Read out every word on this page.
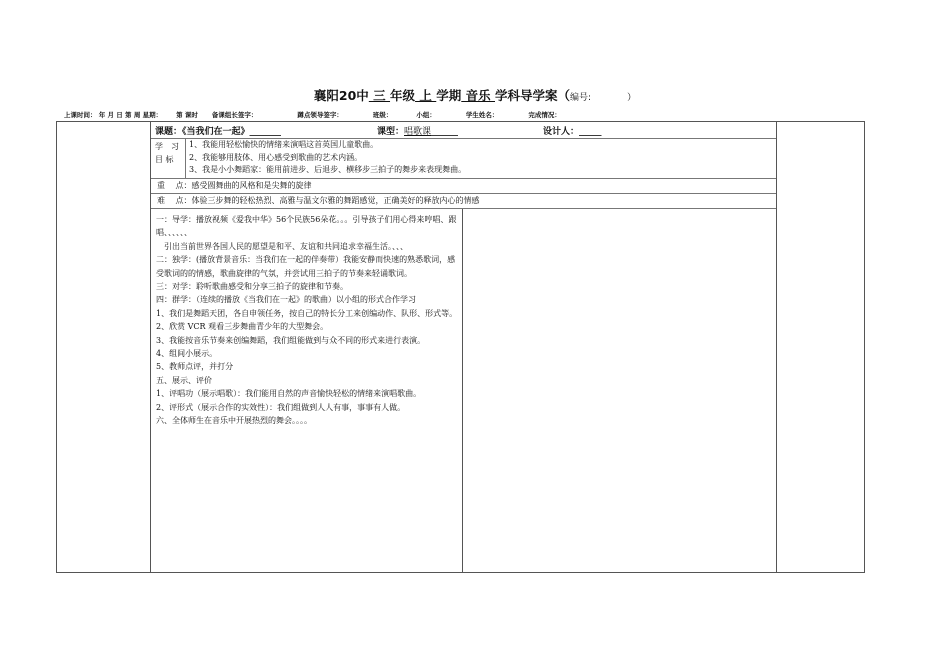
襄阳20中 三 年级 上 学期 音乐 学科导学案（编号:	）
上课时间： 年 月 日 第 周 星期： 第 课时 备课组长签字：	蹲点领导签字：	班级：	小组：	学生姓名：	完成情况：
课题：《当我们在一起》_______	课型：唱歌课______	设计人：_____
学　习
目 标
1、我能用轻松愉快的情绪来演唱这首英国儿童歌曲。
2、我能够用肢体、用心感受到歌曲的艺术内涵。
3、我是小小舞蹈家：能用前进步、后退步、横移步三拍子的舞步来表现舞曲。
重　 点：感受圆舞曲的风格和是尖舞的旋律
难　 点：体验三步舞的轻松热烈、高雅与温文尔雅的舞蹈感觉，正确美好的释放内心的情感

一：导学：播放视频《爱我中华》56个民族56朵花。。。引导孩子们用心得来哼唱、跟唱、、、、、、

　引出当前世界各国人民的愿望是和平、友谊和共同追求幸福生活。、、、

二：独学：(播放背景音乐：当我们在一起的伴奏带）我能安静而快速的熟悉歌词，感受歌词的的情感，歌曲旋律的气氛，并尝试用三拍子的节奏来轻诵歌词。

三：对学：聆听歌曲感受和分享三拍子的旋律和节奏。

四：群学：（连续的播放《当我们在一起》的歌曲）以小组的形式合作学习

1、我们是舞蹈天团，各自申领任务，按自己的特长分工来创编动作、队形、形式等。

2、欣赏 VCR 观看三步舞曲青少年的大型舞会。

3、我能按音乐节奏来创编舞蹈，我们组能做到与众不同的形式来进行表演。

4、组间小展示。

5、教师点评，并打分

五、展示、评价

1、评唱功（展示唱歌）：我们能用自然的声音愉快轻松的情绪来演唱歌曲。

2、评形式（展示合作的实效性）：我们组做到人人有事，事事有人做。

六、全体师生在音乐中开展热烈的舞会。。。。
